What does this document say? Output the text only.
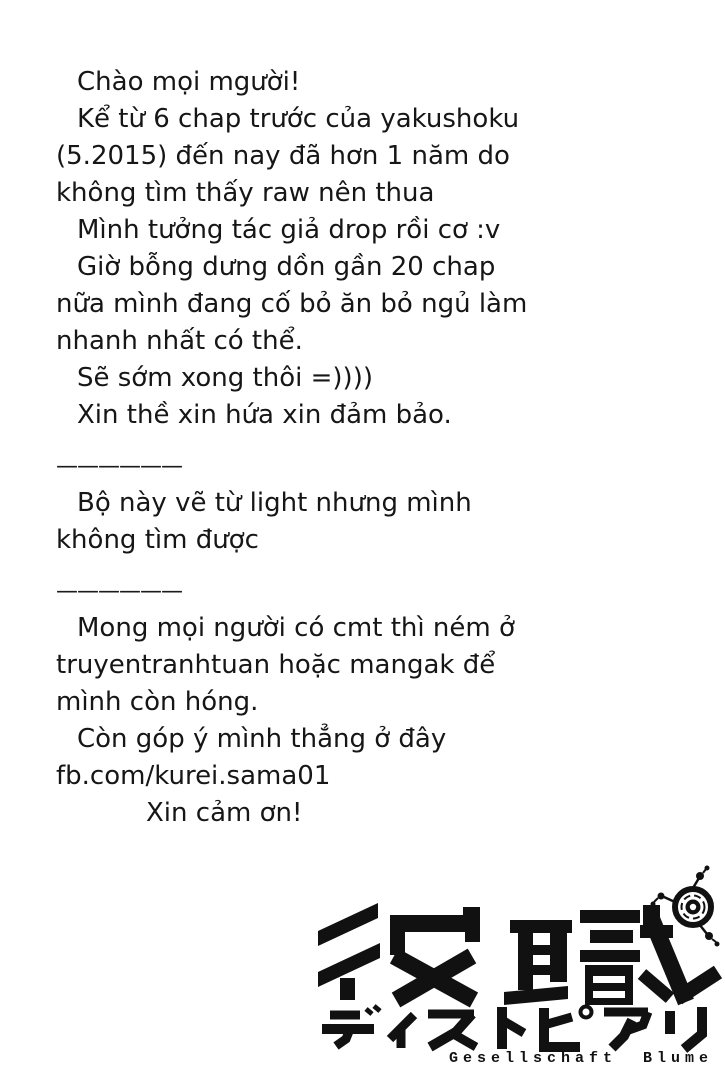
Chào mọi mgười!
Kể từ 6 chap trước của yakushoku
(5.2015) đến nay đã hơn 1 năm do
không tìm thấy raw nên thua
Mình tưởng tác giả drop rồi cơ :v
Giờ bỗng dưng dồn gần 20 chap
nữa mình đang cố bỏ ăn bỏ ngủ làm
nhanh nhất có thể.
Sẽ sớm xong thôi =))))
Xin thề xin hứa xin đảm bảo.
——————
Bộ này vẽ từ light nhưng mình
không tìm được
——————
Mong mọi người có cmt thì ném ở
truyentranhtuan hoặc mangak để
mình còn hóng.
Còn góp ý mình thẳng ở đây
fb.com/kurei.sama01
Xin cảm ơn!
Gesellschaft Blume
